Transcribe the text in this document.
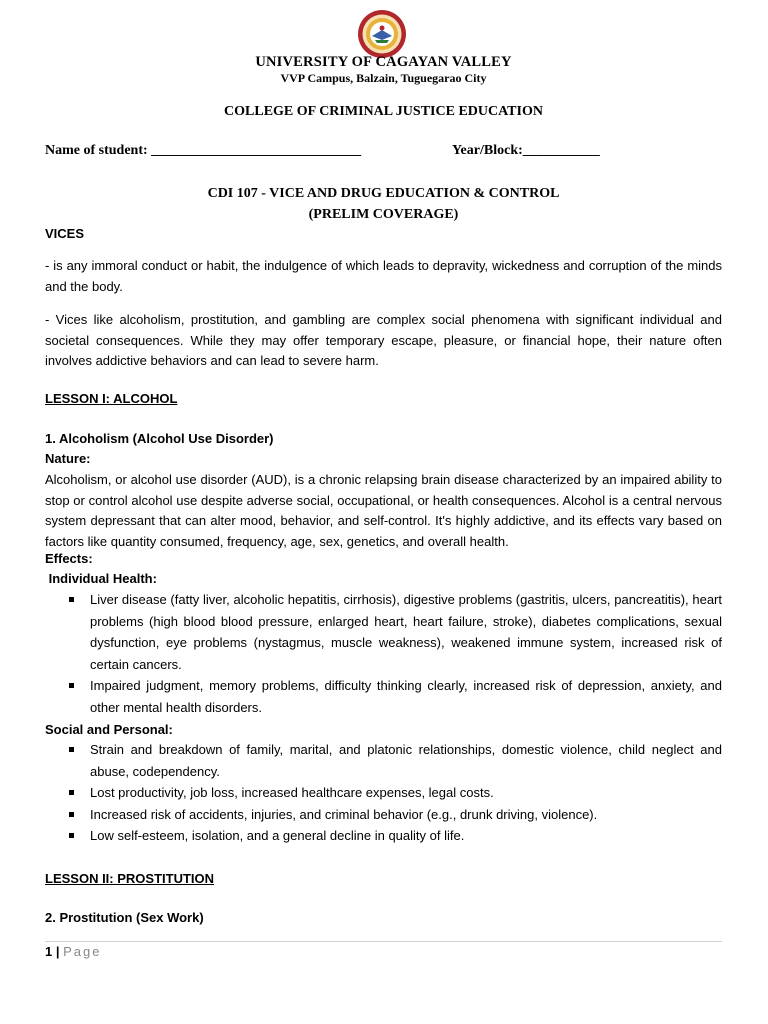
UNIVERSITY OF CAGAYAN VALLEY
VVP Campus, Balzain, Tuguegarao City
COLLEGE OF CRIMINAL JUSTICE EDUCATION
Name of student: ______________________________	Year/Block:___________
CDI 107 - VICE AND DRUG EDUCATION & CONTROL
(PRELIM COVERAGE)
VICES
- is any immoral conduct or habit, the indulgence of which leads to depravity, wickedness and corruption of the minds and the body.
- Vices like alcoholism, prostitution, and gambling are complex social phenomena with significant individual and societal consequences. While they may offer temporary escape, pleasure, or financial hope, their nature often involves addictive behaviors and can lead to severe harm.
LESSON I: ALCOHOL
1. Alcoholism (Alcohol Use Disorder)
Nature:
Alcoholism, or alcohol use disorder (AUD), is a chronic relapsing brain disease characterized by an impaired ability to stop or control alcohol use despite adverse social, occupational, or health consequences. Alcohol is a central nervous system depressant that can alter mood, behavior, and self-control. It's highly addictive, and its effects vary based on factors like quantity consumed, frequency, age, sex, genetics, and overall health.
Effects:
Individual Health:
Liver disease (fatty liver, alcoholic hepatitis, cirrhosis), digestive problems (gastritis, ulcers, pancreatitis), heart problems (high blood blood pressure, enlarged heart, heart failure, stroke), diabetes complications, sexual dysfunction, eye problems (nystagmus, muscle weakness), weakened immune system, increased risk of certain cancers.
Impaired judgment, memory problems, difficulty thinking clearly, increased risk of depression, anxiety, and other mental health disorders.
Social and Personal:
Strain and breakdown of family, marital, and platonic relationships, domestic violence, child neglect and abuse, codependency.
Lost productivity, job loss, increased healthcare expenses, legal costs.
Increased risk of accidents, injuries, and criminal behavior (e.g., drunk driving, violence).
Low self-esteem, isolation, and a general decline in quality of life.
LESSON II: PROSTITUTION
2. Prostitution (Sex Work)
1 | Page
